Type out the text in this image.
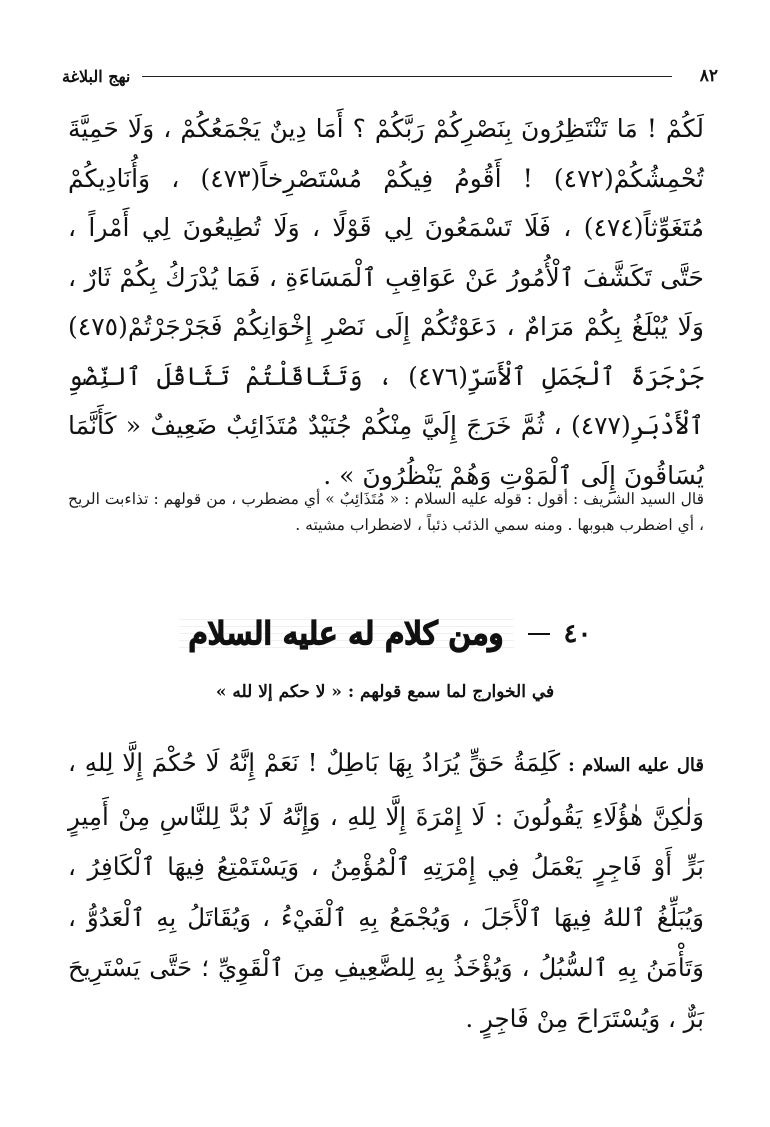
٨٢
نهج البلاغة

لَكُمْ ! مَا تَنْتَظِرُونَ بِنَصْرِكُمْ رَبَّكُمْ ؟ أَمَا دِينٌ يَجْمَعُكُمْ ، وَلَا حَمِيَّةَ تُحْمِشُكُمْ(٤٧٢) ! أَقُومُ فِيكُمْ مُسْتَصْرِخاً(٤٧٣) ، وَأُنَادِيكُمْ مُتَغَوِّثاً(٤٧٤) ، فَلَا تَسْمَعُونَ لِي قَوْلًا ، وَلَا تُطِيعُونَ لِي أَمْراً ، حَتَّى تَكَشَّفَ ٱلْأُمُورُ عَنْ عَوَاقِبِ ٱلْمَسَاءَةِ ، فَمَا يُدْرَكُ بِكُمْ ثَارٌ ، وَلَا يُبْلَغُ بِكُمْ مَرَامٌ ، دَعَوْتُكُمْ إِلَى نَصْرِ إِخْوَانِكُمْ فَجَرْجَرْتُمْ(٤٧٥) جَرْجَرَةَ ٱلْجَمَلِ ٱلْأَسَرِّ(٤٧٦) ، وَتَثَاقَلْتُمْ تَثَاقُلَ ٱلنِّضْوِ ٱلْأَدْبَرِ(٤٧٧) ، ثُمَّ خَرَجَ إِلَيَّ مِنْكُمْ جُنَيْدٌ مُتَذَائِبٌ ضَعِيفٌ « كَأَنَّمَا يُسَاقُونَ إِلَى ٱلْمَوْتِ وَهُمْ يَنْظُرُونَ » .

قال السيد الشريف : أقول : قوله عليه السلام : « مُتَذَائِبٌ » أي مضطرب ، من قولهم : تذاءبت الريح ، أي اضطرب هبوبها . ومنه سمي الذئب ذئباً ، لاضطراب مشيته .

٤٠
ومن كلام له عليه السلام

في الخوارج لما سمع قولهم : « لا حكم إلا لله »

قال عليه السلام :كَلِمَةُ حَقٍّ يُرَادُ بِهَا بَاطِلٌ ! نَعَمْ إِنَّهُ لَا حُكْمَ إِلَّا لِلهِ ، وَلٰكِنَّ هٰؤُلَاءِ يَقُولُونَ : لَا إِمْرَةَ إِلَّا لِلهِ ، وَإِنَّهُ لَا بُدَّ لِلنَّاسِ مِنْ أَمِيرٍ بَرٍّ أَوْ فَاجِرٍ يَعْمَلُ فِي إِمْرَتِهِ ٱلْمُؤْمِنُ ، وَيَسْتَمْتِعُ فِيهَا ٱلْكَافِرُ ، وَيُبَلِّغُ ٱللهُ فِيهَا ٱلْأَجَلَ ، وَيُجْمَعُ بِهِ ٱلْفَيْءُ ، وَيُقَاتَلُ بِهِ ٱلْعَدُوُّ ، وَتَأْمَنُ بِهِ ٱلسُّبُلُ ، وَيُؤْخَذُ بِهِ لِلضَّعِيفِ مِنَ ٱلْقَوِيِّ ؛ حَتَّى يَسْتَرِيحَ بَرٌّ ، وَيُسْتَرَاحَ مِنْ فَاجِرٍ .
